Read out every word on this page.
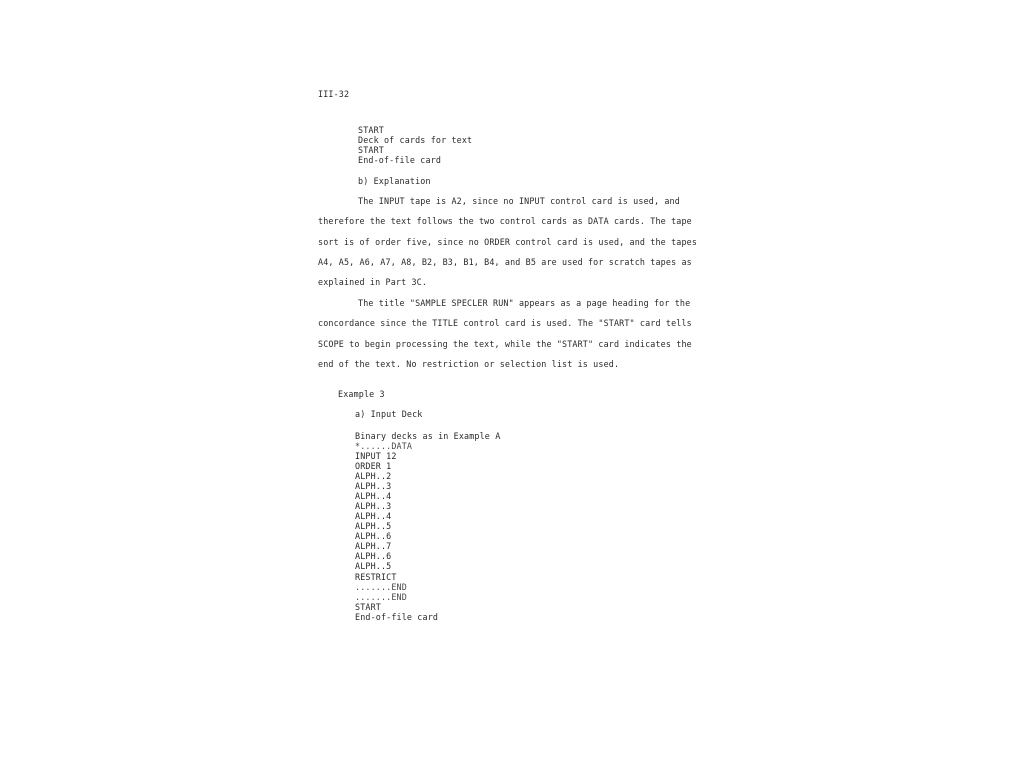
III-32
START
Deck of cards for text
START
End-of-file card
b) Explanation
The INPUT tape is A2, since no INPUT control card is used, and
therefore the text follows the two control cards as DATA cards. The tape
sort is of order five, since no ORDER control card is used, and the tapes
A4, A5, A6, A7, A8, B2, B3, B1, B4, and B5 are used for scratch tapes as
explained in Part 3C.
The title "SAMPLE SPECLER RUN" appears as a page heading for the
concordance since the TITLE control card is used. The "START" card tells
SCOPE to begin processing the text, while the "START" card indicates the
end of the text. No restriction or selection list is used.
Example 3
a) Input Deck
Binary decks as in Example A
*......DATA
INPUT 12
ORDER 1
ALPH..2
ALPH..3
ALPH..4
ALPH..3
ALPH..4
ALPH..5
ALPH..6
ALPH..7
ALPH..6
ALPH..5
RESTRICT
.......END
.......END
START
End-of-file card
